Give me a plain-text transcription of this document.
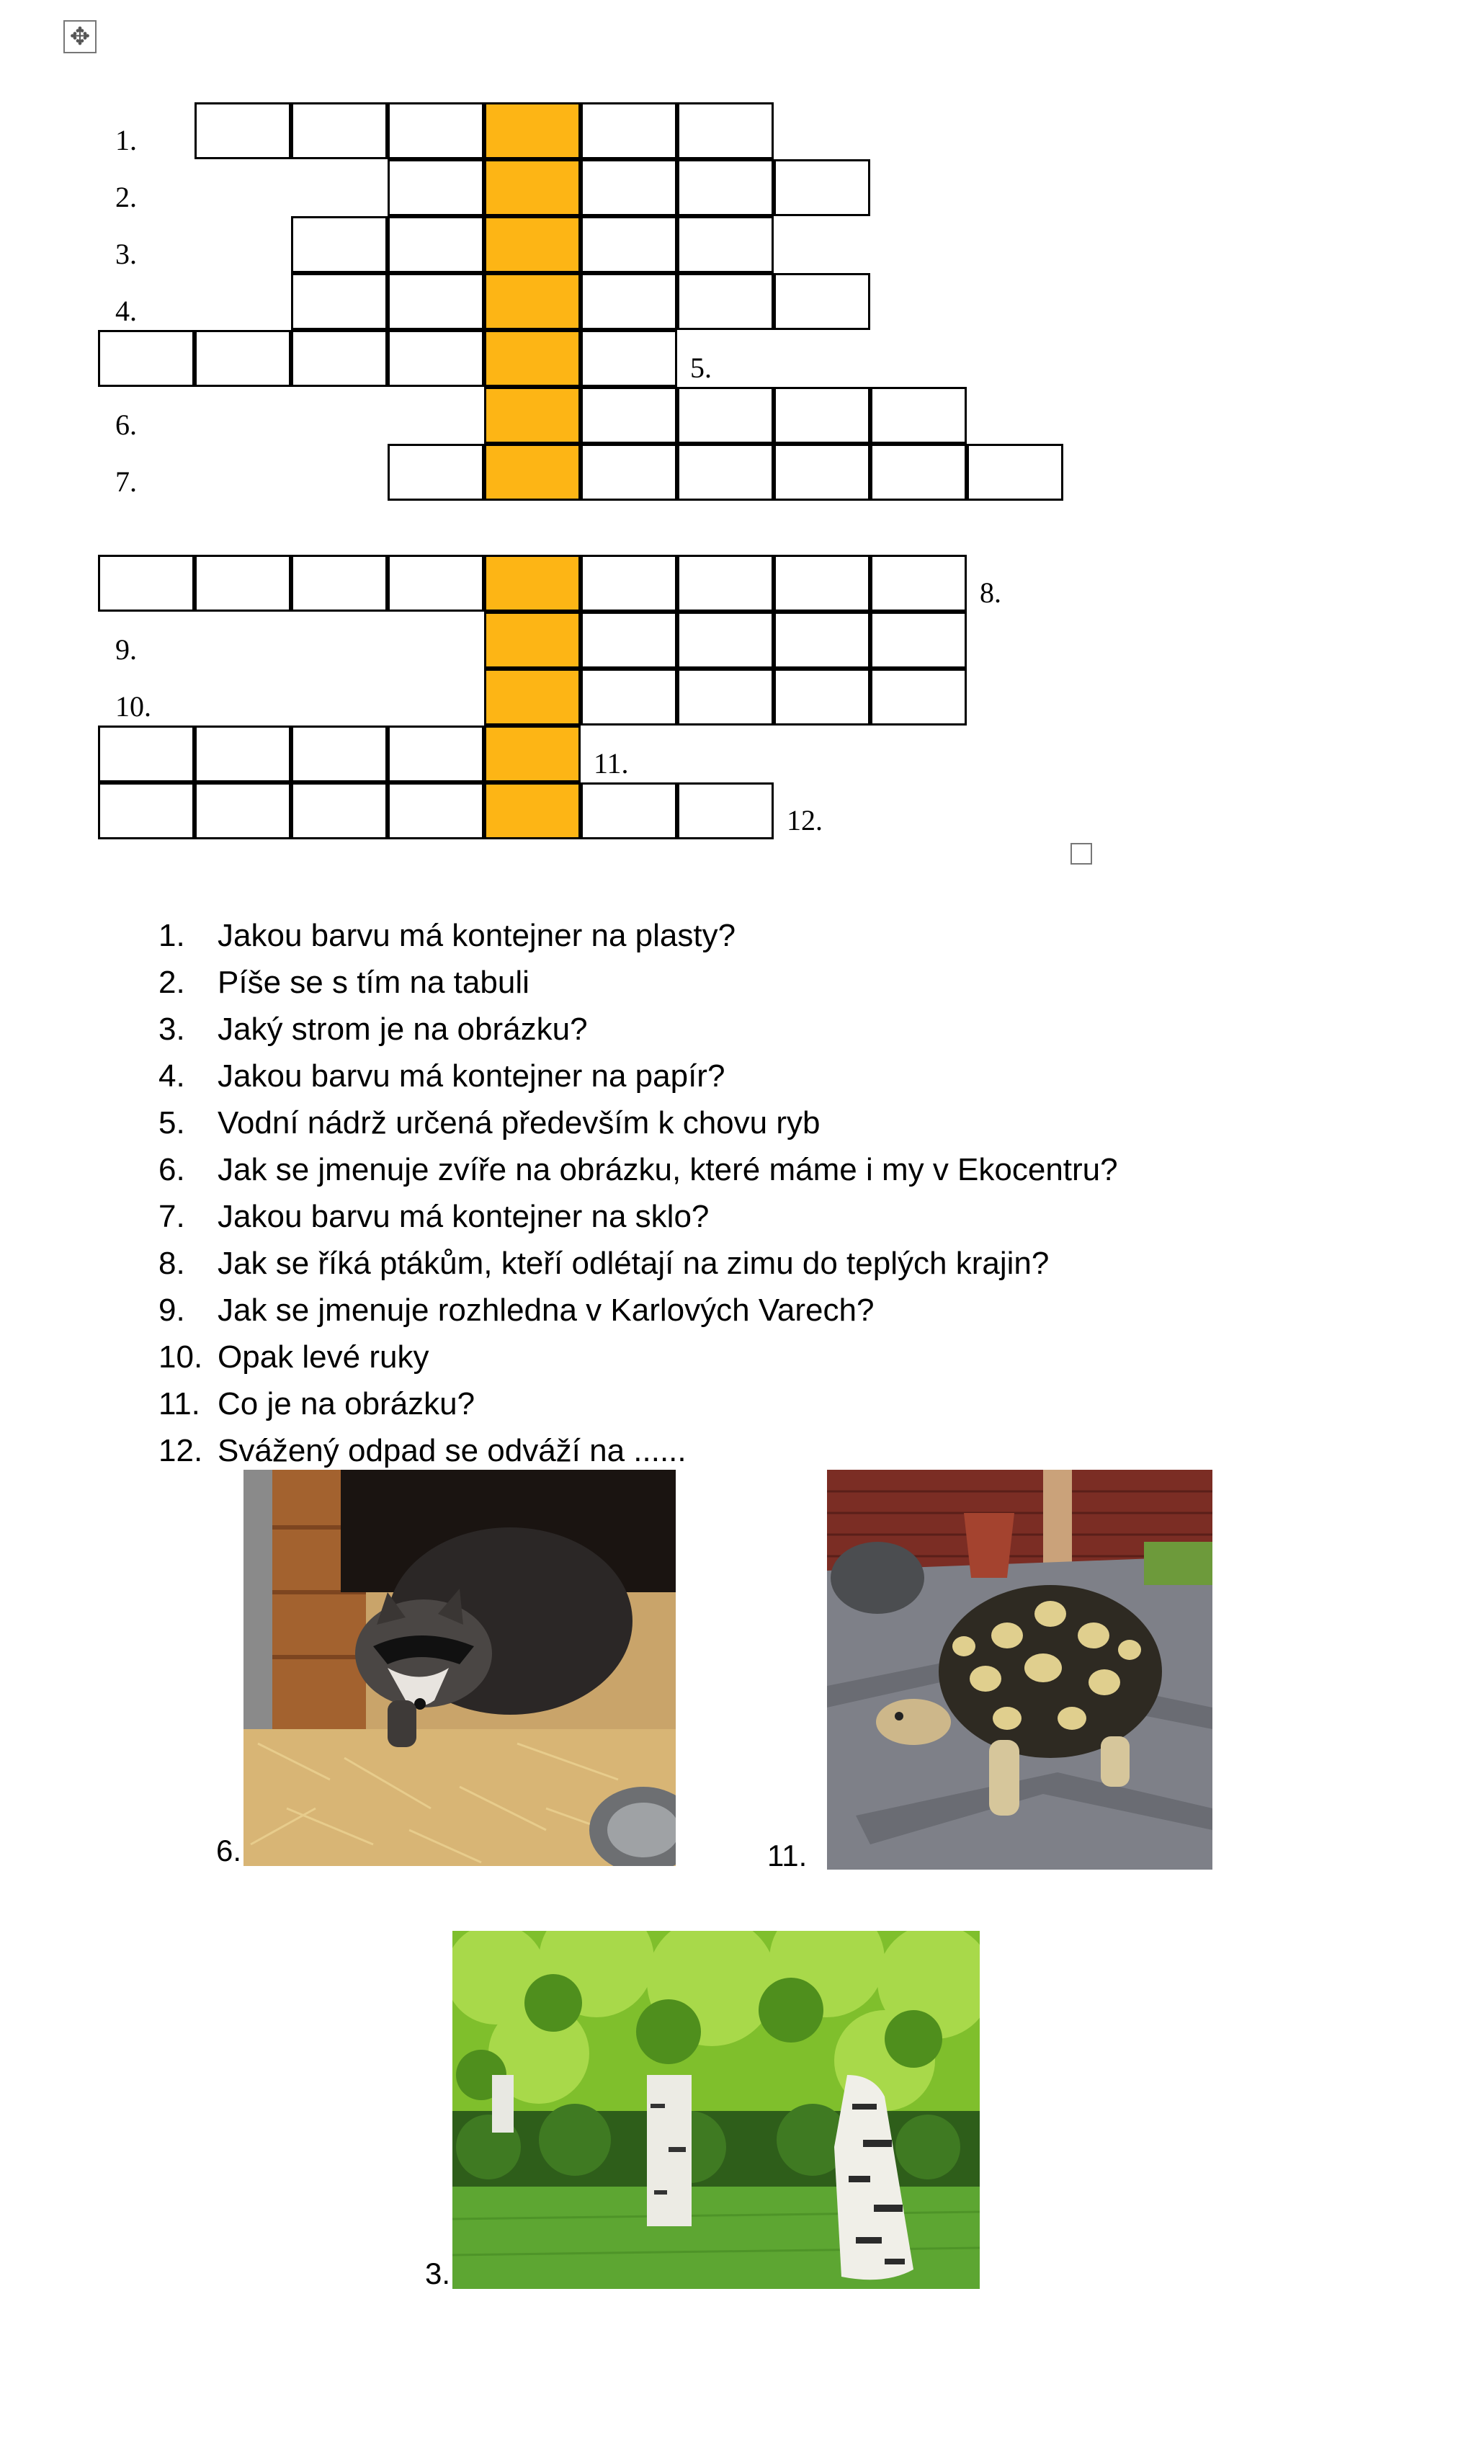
✥
1.
2.
3.
4.
5.
6.
7.
8.
9.
10.
11.
12.
1.	Jakou barvu má kontejner na plasty?
2.	Píše se s tím na tabuli
3.	Jaký strom je na obrázku?
4.	Jakou barvu má kontejner na papír?
5.	Vodní nádrž určená především k chovu ryb
6.	Jak se jmenuje zvíře na obrázku, které máme i my v Ekocentru?
7.	Jakou barvu má kontejner na sklo?
8.	Jak se říká ptákům, kteří odlétají na zimu do teplých krajin?
9.	Jak se jmenuje rozhledna v Karlových Varech?
10. Opak levé ruky
11. Co je na obrázku?
12. Svážený odpad se odváží na ......
6.	11.
3.
